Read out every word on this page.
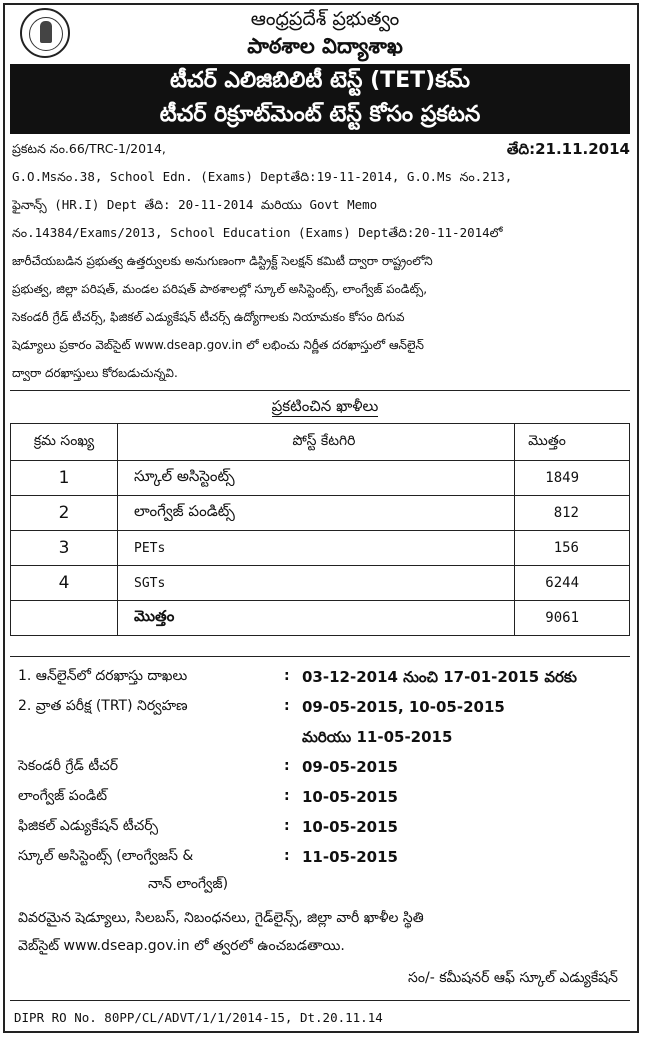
ఆంధ్రప్రదేశ్ ప్రభుత్వం
పాఠశాల విద్యాశాఖ
టీచర్ ఎలిజిబిలిటీ టెస్ట్ (TET)కమ్
టీచర్ రిక్రూట్‌మెంట్ టెస్ట్ కోసం ప్రకటన
ప్రకటన నం.66/TRC-1/2014,	తేది:21.11.2014
G.O.Msనం.38, School Edn. (Exams) Deptతేది:19-11-2014, G.O.Ms నం.213,
ఫైనాన్స్ (HR.I) Dept తేది: 20-11-2014 మరియు Govt Memo
నం.14384/Exams/2013, School Education (Exams) Deptతేది:20-11-2014లో
జారీచేయబడిన ప్రభుత్వ ఉత్తర్వులకు అనుగుణంగా డిస్ట్రిక్ట్ సెలక్షన్ కమిటీ ద్వారా రాష్ట్రంలోని
ప్రభుత్వ, జిల్లా పరిషత్, మండల పరిషత్ పాఠశాలల్లో స్కూల్ అసిస్టెంట్స్, లాంగ్వేజ్ పండిట్స్,
సెకండరీ గ్రేడ్ టీచర్స్, ఫిజికల్ ఎడ్యుకేషన్ టీచర్స్ ఉద్యోగాలకు నియామకం కోసం దిగువ
షెడ్యూలు ప్రకారం వెబ్‌సైట్ www.dseap.gov.in లో లభించు నిర్ణీత దరఖాస్తులో ఆన్‌లైన్
ద్వారా దరఖాస్తులు కోరబడుచున్నవి.
ప్రకటించిన ఖాళీలు
క్రమ సంఖ్య	పోస్ట్ కేటగిరి	మొత్తం
1	స్కూల్ అసిస్టెంట్స్	1849
2	లాంగ్వేజ్ పండిట్స్	812
3	PETs	156
4	SGTs	6244
	మొత్తం	9061
1. ఆన్‌లైన్‌లో దరఖాస్తు దాఖలు	: 03-12-2014 నుంచి 17-01-2015 వరకు
2. వ్రాత పరీక్ష (TRT) నిర్వహణ	: 09-05-2015, 10-05-2015
మరియు 11-05-2015
సెకండరీ గ్రేడ్ టీచర్	: 09-05-2015
లాంగ్వేజ్ పండిట్	: 10-05-2015
ఫిజికల్ ఎడ్యుకేషన్ టీచర్స్	: 10-05-2015
స్కూల్ అసిస్టెంట్స్ (లాంగ్వేజస్ &	: 11-05-2015
నాన్ లాంగ్వేజ్)
వివరమైన షెడ్యూలు, సిలబస్, నిబంధనలు, గైడ్‌లైన్స్, జిల్లా వారీ ఖాళీల స్థితి
వెబ్‌సైట్ www.dseap.gov.in లో త్వరలో ఉంచబడతాయి.
సం/- కమీషనర్ ఆఫ్ స్కూల్ ఎడ్యుకేషన్
DIPR RO No. 80PP/CL/ADVT/1/1/2014-15, Dt.20.11.14
